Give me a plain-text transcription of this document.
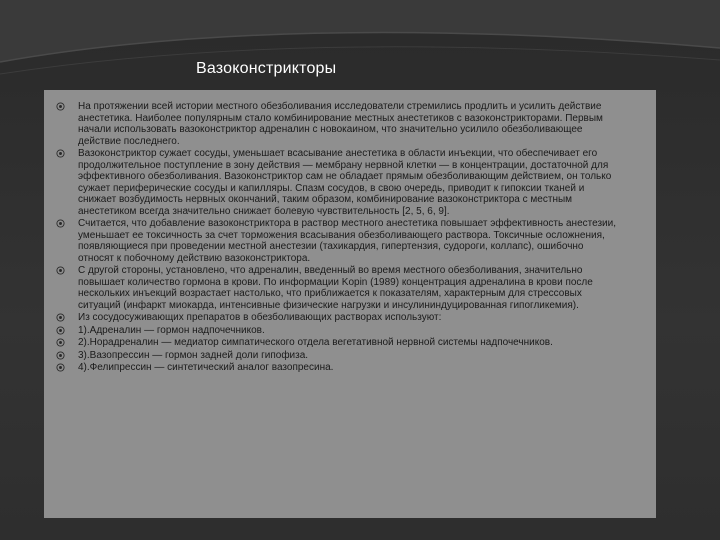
Вазоконстрикторы
На протяжении всей истории местного обезболивания исследователи стремились продлить и усилить действие анестетика. Наиболее популярным стало комбинирование местных анестетиков с вазоконстрикторами. Первым начали использовать вазоконстриктор адреналин с новокаином, что значительно усилило обезболивающее действие последнего.
Вазоконстриктор сужает сосуды, уменьшает всасывание анестетика в области инъекции, что обеспечивает его продолжительное поступление в зону действия — мембрану нервной клетки — в концентрации, достаточной для эффективного обезболивания. Вазоконстриктор сам не обладает прямым обезболивающим действием, он только сужает периферические сосуды и капилляры. Спазм сосудов, в свою очередь, приводит к гипоксии тканей и снижает возбудимость нервных окончаний, таким образом, комбинирование вазоконстриктора с местным анестетиком всегда значительно снижает болевую чувствительность [2, 5, 6, 9].
Считается, что добавление вазоконстриктора в раствор местного анестетика повышает эффективность анестезии, уменьшает ее токсичность за счет торможения всасывания обезболивающего раствора. Токсичные осложнения, появляющиеся при проведении местной анестезии (тахикардия, гипертензия, судороги, коллапс), ошибочно относят к побочному действию вазоконстриктора.
С другой стороны, установлено, что адреналин, введенный во время местного обезболивания, значительно повышает количество гормона в крови. По информации Kopin (1989) концентрация адреналина в крови после нескольких инъекций возрастает настолько, что приближается к показателям, характерным для стрессовых ситуаций (инфаркт миокарда, интенсивные физические нагрузки и инсулининдуцированная гипогликемия).
Из сосудосуживающих препаратов в обезболивающих растворах используют:
1).Адреналин — гормон надпочечников.
2).Норадреналин — медиатор симпатического отдела вегетативной нервной системы надпочечников.
3).Вазопрессин — гормон задней доли гипофиза.
4).Фелипрессин — синтетический аналог вазопресина.
